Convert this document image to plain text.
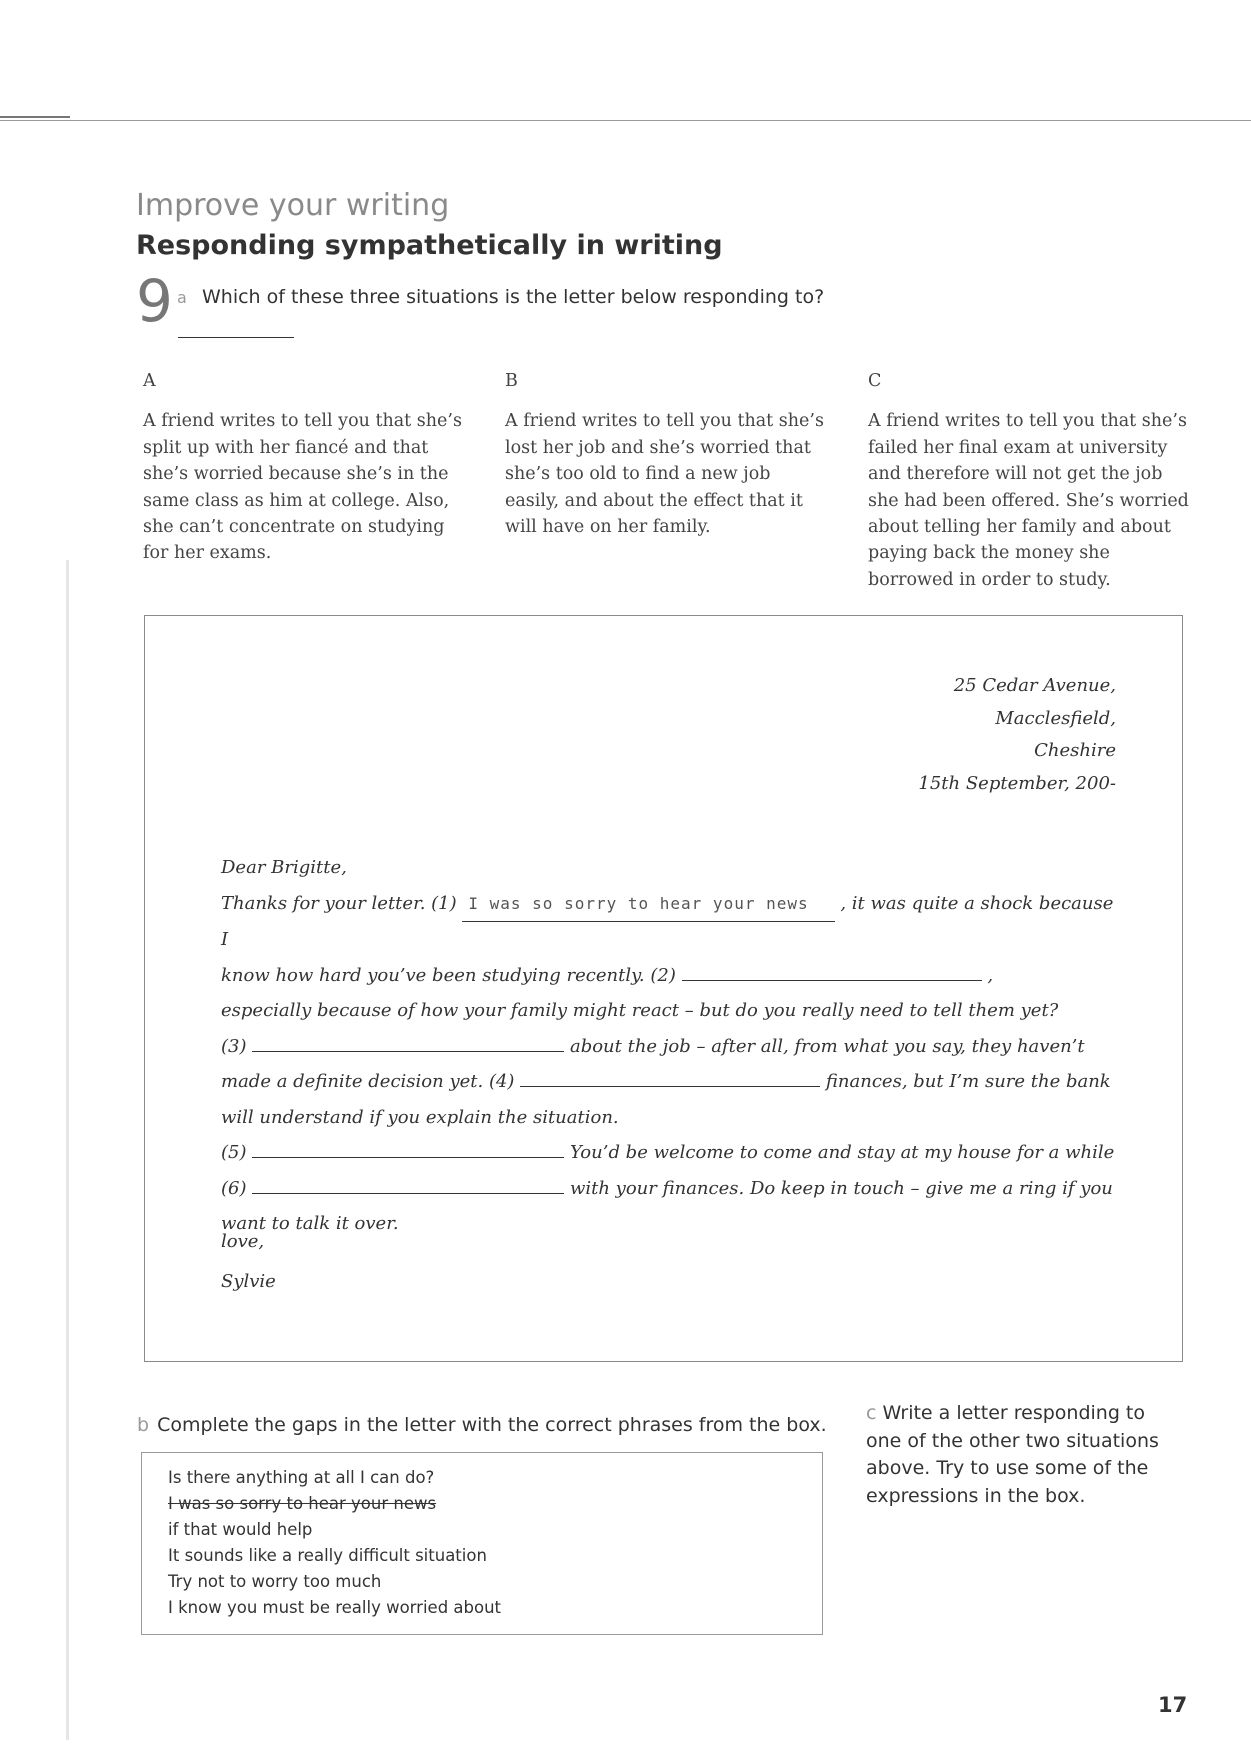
Improve your writing
Responding sympathetically in writing
9 a Which of these three situations is the letter below responding to?
A
A friend writes to tell you that she’s
split up with her fiancé and that
she’s worried because she’s in the
same class as him at college. Also,
she can’t concentrate on studying
for her exams.
B
A friend writes to tell you that she’s
lost her job and she’s worried that
she’s too old to find a new job
easily, and about the effect that it
will have on her family.
C
A friend writes to tell you that she’s
failed her final exam at university
and therefore will not get the job
she had been offered. She’s worried
about telling her family and about
paying back the money she
borrowed in order to study.
25 Cedar Avenue,
Macclesfield,
Cheshire
15th September, 200-
Dear Brigitte,
Thanks for your letter. (1) I was so sorry to hear your news , it was quite a shock because I
know how hard you’ve been studying recently. (2)	,
especially because of how your family might react – but do you really need to tell them yet?
(3)	about the job – after all, from what you say, they haven’t
made a definite decision yet. (4)	finances, but I’m sure the bank
will understand if you explain the situation.
(5)	You’d be welcome to come and stay at my house for a while
(6)	with your finances. Do keep in touch – give me a ring if you
want to talk it over.
love,
Sylvie
b Complete the gaps in the letter with the correct phrases from the box.
Is there anything at all I can do?
I was so sorry to hear your news
if that would help
It sounds like a really difficult situation
Try not to worry too much
I know you must be really worried about
c Write a letter responding to
one of the other two situations
above. Try to use some of the
expressions in the box.
17
